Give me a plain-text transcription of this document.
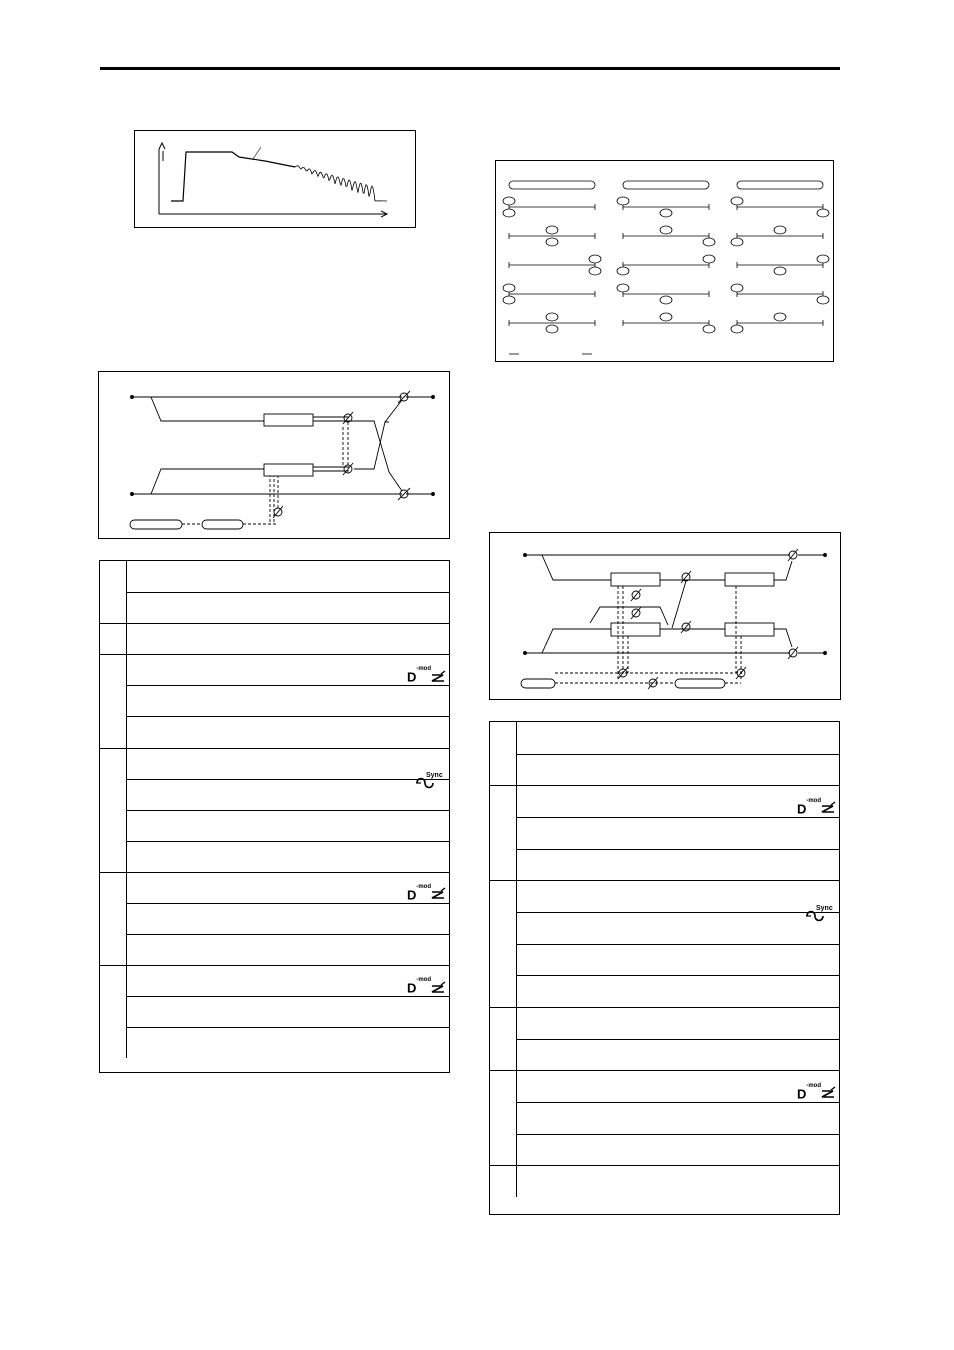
$D^{-mod}$
Sync
$D^{-mod}$
$D^{-mod}$
$D^{-mod}$
Sync
$D^{-mod}$
